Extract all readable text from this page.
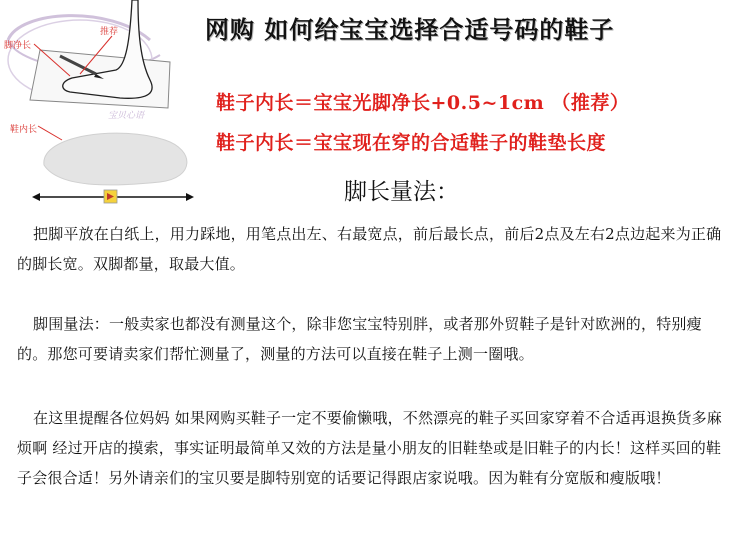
宝贝心语
脚净长
推荐
鞋内长
网购 如何给宝宝选择合适号码的鞋子
鞋子内长＝宝宝光脚净长+0.5~1cm （推荐）
鞋子内长＝宝宝现在穿的合适鞋子的鞋垫长度
脚长量法：

把脚平放在白纸上，用力踩地，用笔点出左、右最宽点，前后最长点，前后2点及左右2点边起来为正确的脚长宽。双脚都量，取最大值。

脚围量法：一般卖家也都没有测量这个，除非您宝宝特别胖，或者那外贸鞋子是针对欧洲的，特别瘦的。那您可要请卖家们帮忙测量了，测量的方法可以直接在鞋子上测一圈哦。

在这里提醒各位妈妈 如果网购买鞋子一定不要偷懒哦，不然漂亮的鞋子买回家穿着不合适再退换货多麻烦啊 经过开店的摸索，事实证明最简单又效的方法是量小朋友的旧鞋垫或是旧鞋子的内长！这样买回的鞋子会很合适！另外请亲们的宝贝要是脚特别宽的话要记得跟店家说哦。因为鞋有分宽版和瘦版哦！
